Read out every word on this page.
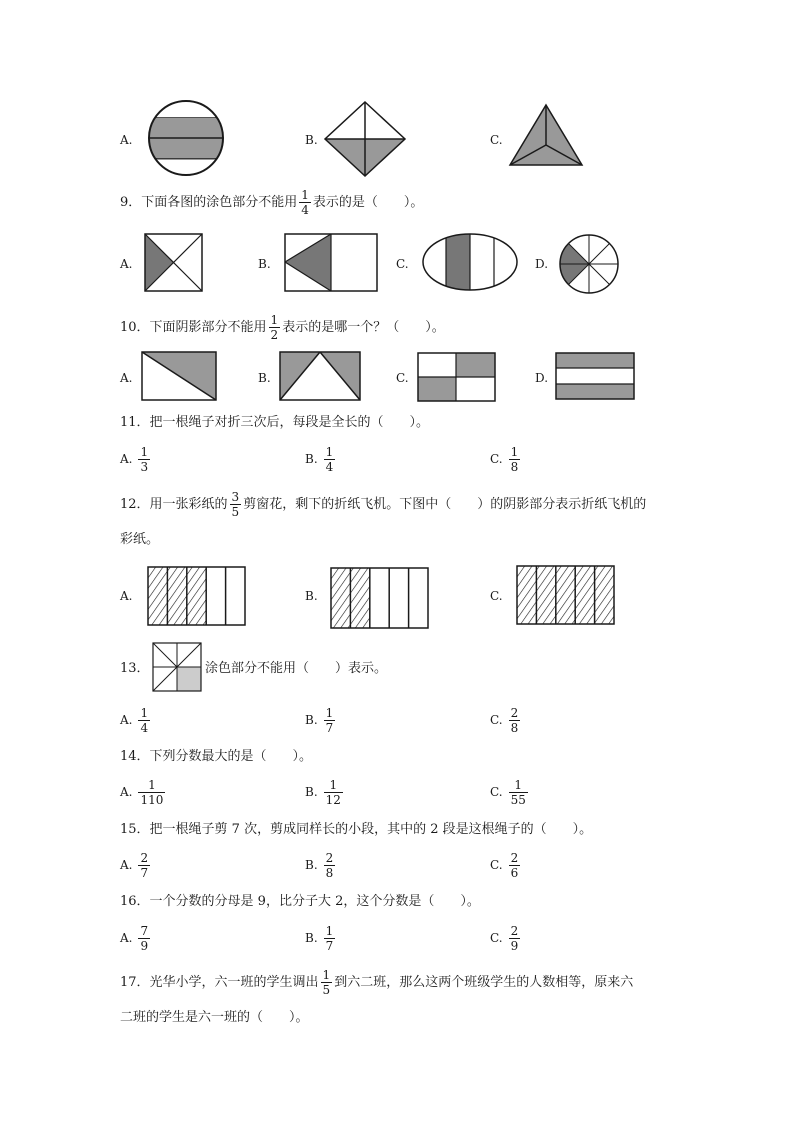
A.	B.	C.
9．下面各图的涂色部分不能用 $\frac{1}{4}$ 表示的是（　　）。
A.	B.	C.	D.
10．下面阴影部分不能用 $\frac{1}{2}$ 表示的是哪一个？（　　）。
A.	B.	C.	D.
11．把一根绳子对折三次后，每段是全长的（　　）。
A. $\frac{1}{3}$	B. $\frac{1}{4}$	C. $\frac{1}{8}$
12．用一张彩纸的 $\frac{3}{5}$ 剪窗花，剩下的折纸飞机。下图中（　　）的阴影部分表示折纸飞机的
彩纸。
A.	B.	C.
13．	涂色部分不能用（　　）表示。
A. $\frac{1}{4}$	B. $\frac{1}{7}$	C. $\frac{2}{8}$
14．下列分数最大的是（　　）。
A. $\frac{1}{110}$	B. $\frac{1}{12}$	C. $\frac{1}{55}$
15．把一根绳子剪 7 次，剪成同样长的小段，其中的 2 段是这根绳子的（　　）。
A. $\frac{2}{7}$	B. $\frac{2}{8}$	C. $\frac{2}{6}$
16．一个分数的分母是 9，比分子大 2，这个分数是（　　）。
A. $\frac{7}{9}$	B. $\frac{1}{7}$	C. $\frac{2}{9}$
17．光华小学，六一班的学生调出 $\frac{1}{5}$ 到六二班，那么这两个班级学生的人数相等，原来六
二班的学生是六一班的（　　）。
